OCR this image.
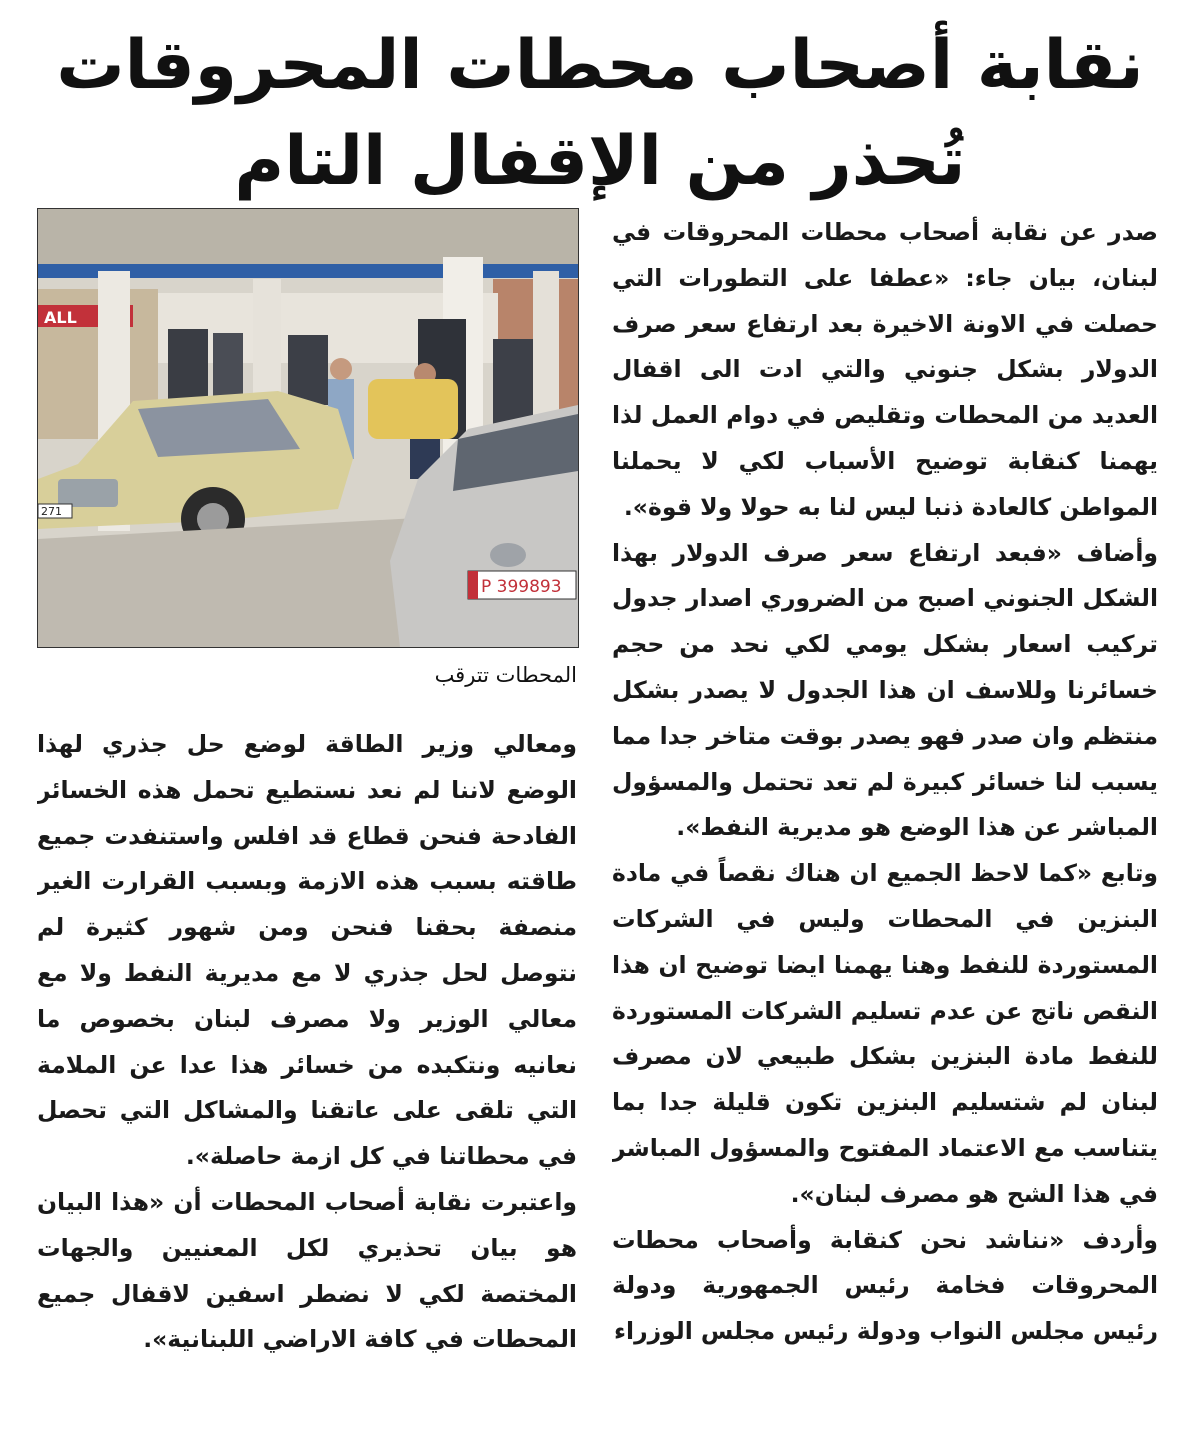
نقابة أصحاب محطات المحروقات
تُحذر من الإقفال التام
ALL
271
P 399893
المحطات تترقب

صدر عن نقابة أصحاب محطات المحروقات في لبنان، بيان جاء: «عطفا على التطورات التي حصلت في الاونة الاخيرة بعد ارتفاع سعر صرف الدولار بشكل جنوني والتي ادت الى اقفال العديد من المحطات وتقليص في دوام العمل لذا يهمنا كنقابة توضيح الأسباب لكي لا يحملنا المواطن كالعادة ذنبا ليس لنا به حولا ولا قوة».

وأضاف «فبعد ارتفاع سعر صرف الدولار بهذا الشكل الجنوني اصبح من الضروري اصدار جدول تركيب اسعار بشكل يومي لكي نحد من حجم خسائرنا وللاسف ان هذا الجدول لا يصدر بشكل منتظم وان صدر فهو يصدر بوقت متاخر جدا مما يسبب لنا خسائر كبيرة لم تعد تحتمل والمسؤول المباشر عن هذا الوضع هو مديرية النفط».

وتابع «كما لاحظ الجميع ان هناك نقصاً في مادة البنزين في المحطات وليس في الشركات المستوردة للنفط وهنا يهمنا ايضا توضيح ان هذا النقص ناتج عن عدم تسليم الشركات المستوردة للنفط مادة البنزين بشكل طبيعي لان مصرف لبنان لم شتسليم البنزين تكون قليلة جدا بما يتناسب مع الاعتماد المفتوح والمسؤول المباشر في هذا الشح هو مصرف لبنان».

وأردف «نناشد نحن كنقابة وأصحاب محطات المحروقات فخامة رئيس الجمهورية ودولة رئيس مجلس النواب ودولة رئيس مجلس الوزراء

ومعالي وزير الطاقة لوضع حل جذري لهذا الوضع لاننا لم نعد نستطيع تحمل هذه الخسائر الفادحة فنحن قطاع قد افلس واستنفدت جميع طاقته بسبب هذه الازمة وبسبب القرارت الغير منصفة بحقنا فنحن ومن شهور كثيرة لم نتوصل لحل جذري لا مع مديرية النفط ولا مع معالي الوزير ولا مصرف لبنان بخصوص ما نعانيه ونتكبده من خسائر هذا عدا عن الملامة التي تلقى على عاتقنا والمشاكل التي تحصل في محطاتنا في كل ازمة حاصلة».

واعتبرت نقابة أصحاب المحطات أن «هذا البيان هو بيان تحذيري لكل المعنيين والجهات المختصة لكي لا نضطر اسفين لاقفال جميع المحطات في كافة الاراضي اللبنانية».
